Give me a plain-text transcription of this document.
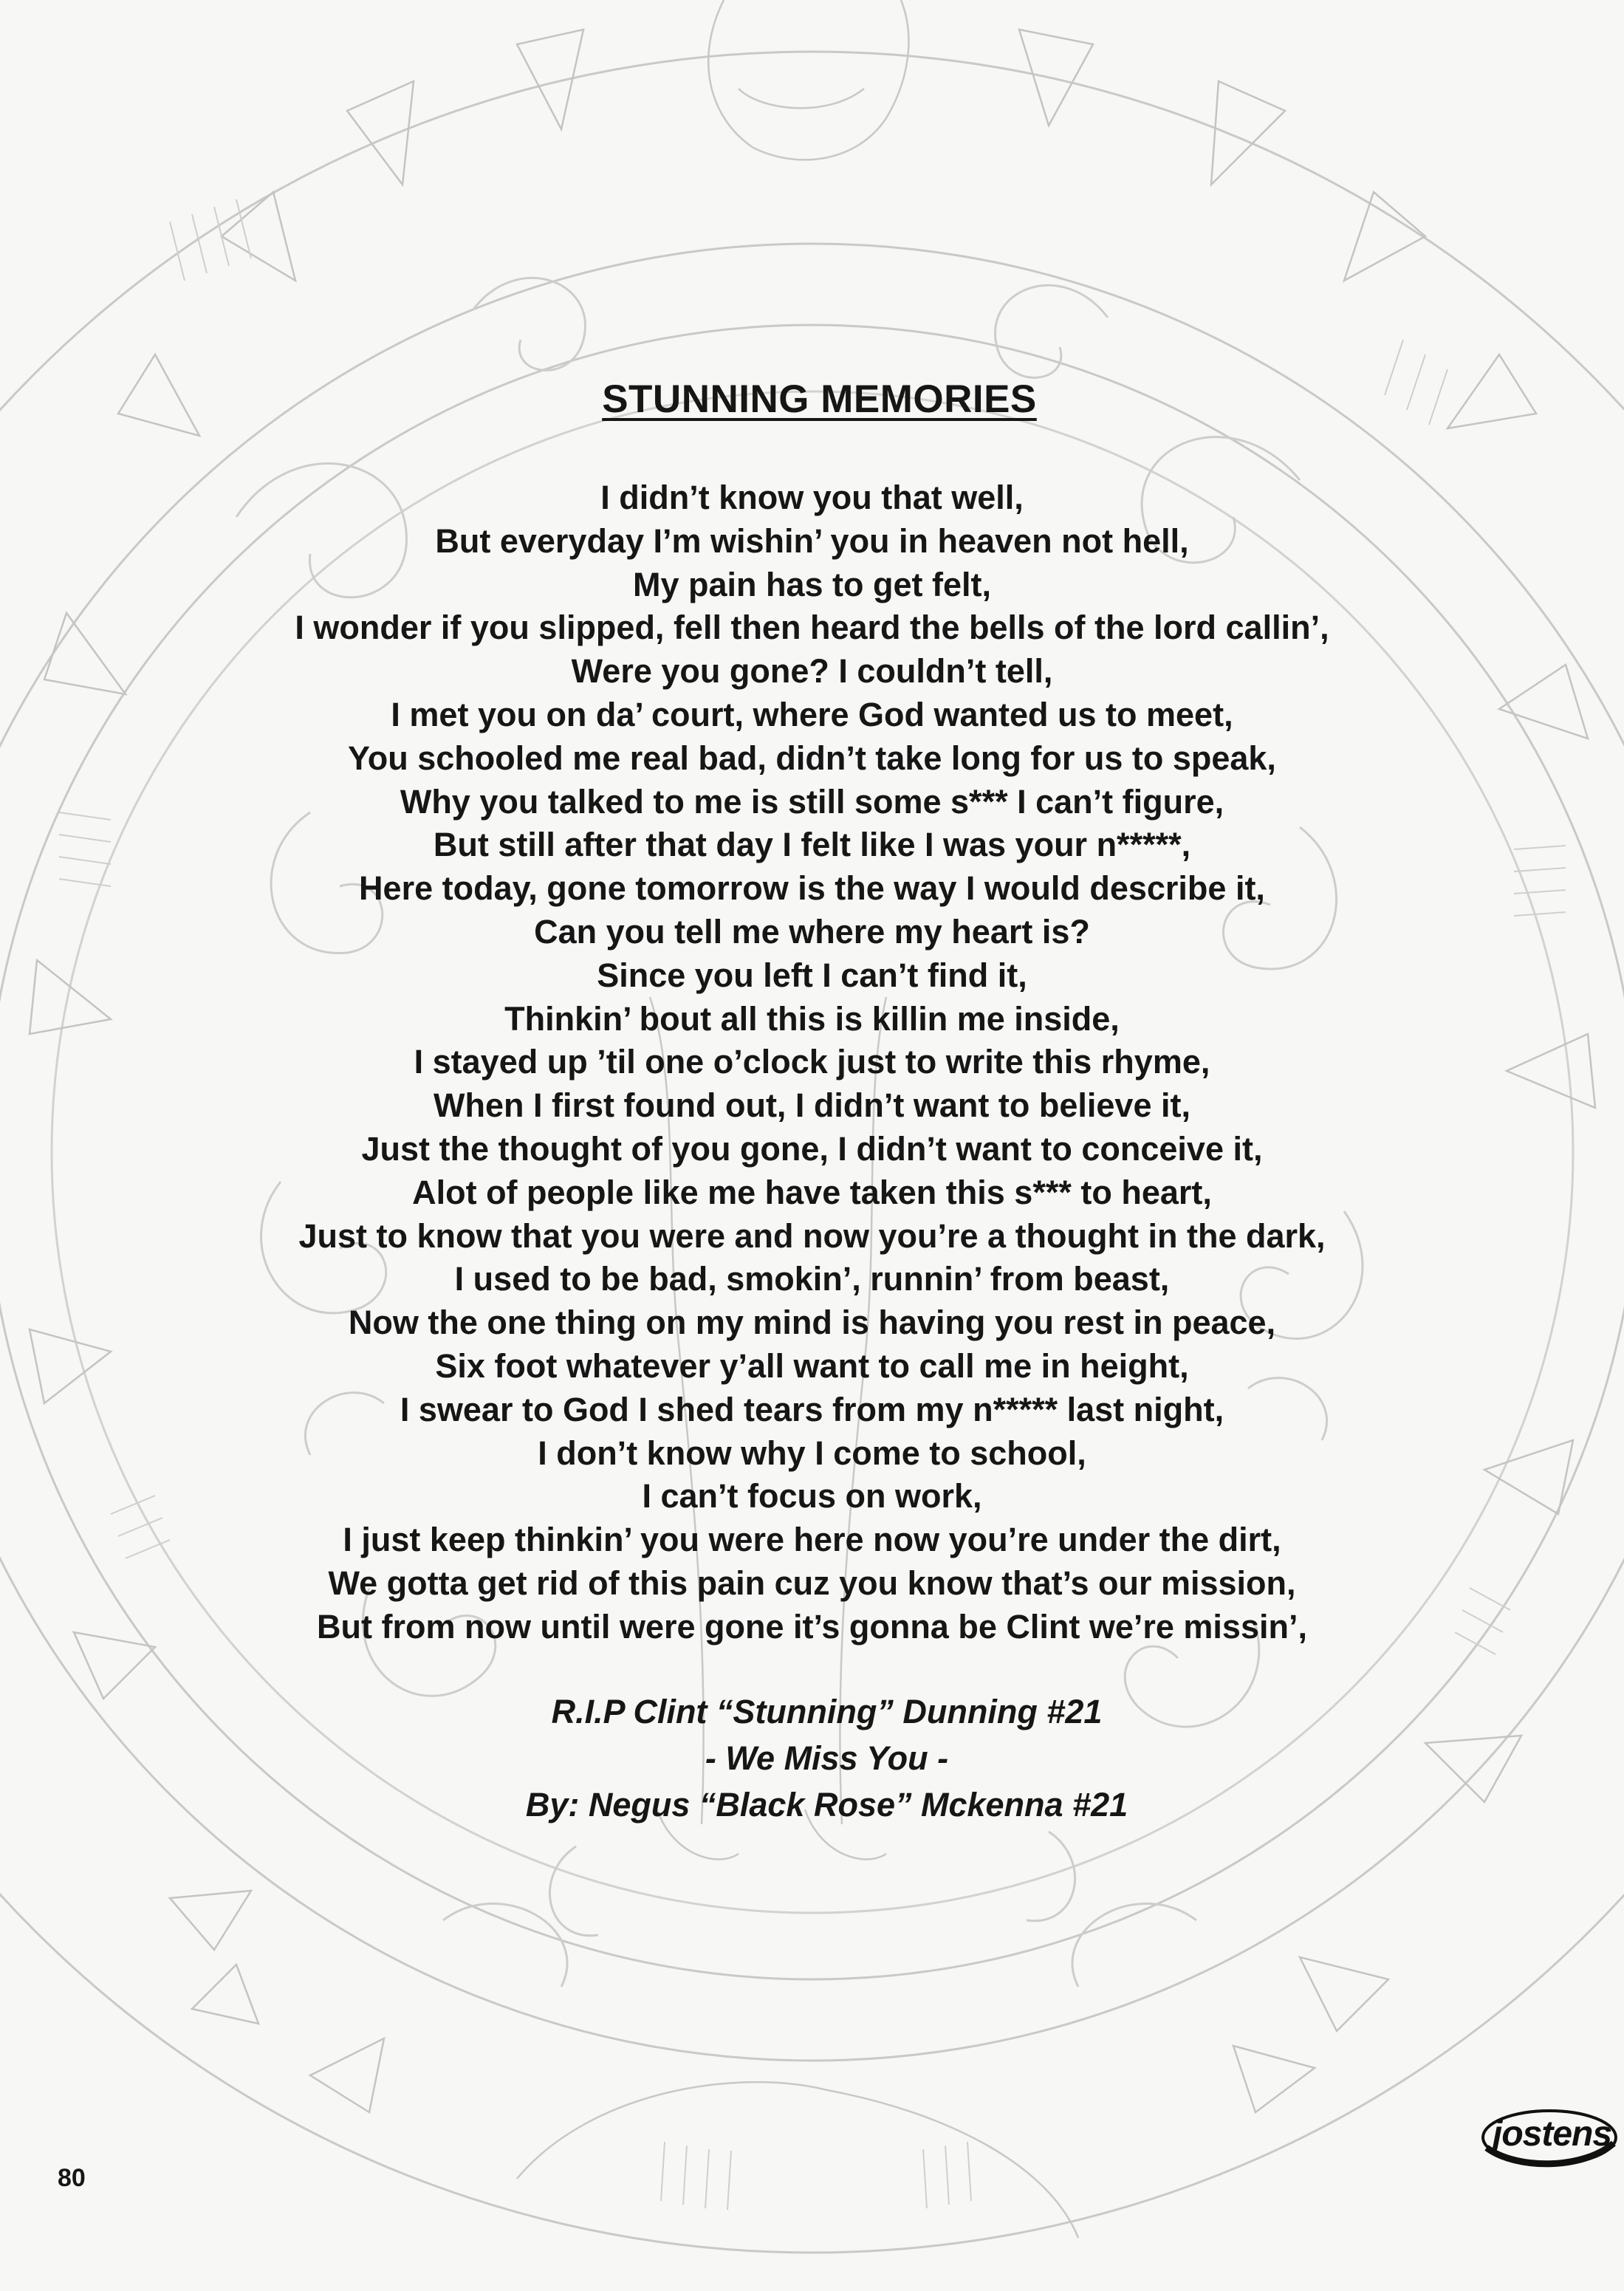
STUNNING MEMORIES
I didn’t know you that well,
But everyday I’m wishin’ you in heaven not hell,
My pain has to get felt,
I wonder if you slipped, fell then heard the bells of the lord callin’,
Were you gone? I couldn’t tell,
I met you on da’ court, where God wanted us to meet,
You schooled me real bad, didn’t take long for us to speak,
Why you talked to me is still some s*** I can’t figure,
But still after that day I felt like I was your n*****,
Here today, gone tomorrow is the way I would describe it,
Can you tell me where my heart is?
Since you left I can’t find it,
Thinkin’ bout all this is killin me inside,
I stayed up ’til one o’clock just to write this rhyme,
When I first found out, I didn’t want to believe it,
Just the thought of you gone, I didn’t want to conceive it,
Alot of people like me have taken this s*** to heart,
Just to know that you were and now you’re a thought in the dark,
I used to be bad, smokin’, runnin’ from beast,
Now the one thing on my mind is having you rest in peace,
Six foot whatever y’all want to call me in height,
I swear to God I shed tears from my n***** last night,
I don’t know why I come to school,
I can’t focus on work,
I just keep thinkin’ you were here now you’re under the dirt,
We gotta get rid of this pain cuz you know that’s our mission,
But from now until were gone it’s gonna be Clint we’re missin’,
R.I.P Clint “Stunning” Dunning #21
- We Miss You -
By: Negus “Black Rose” Mckenna #21
80
jostens
